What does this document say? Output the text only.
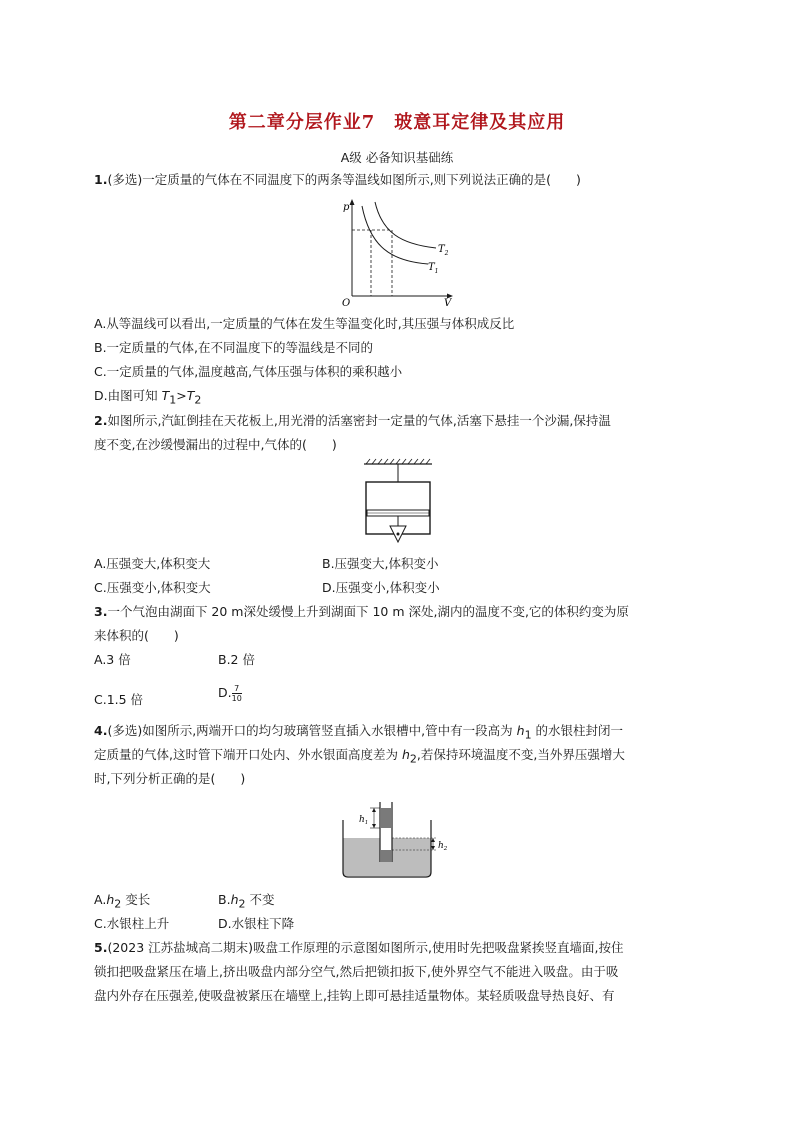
第二章分层作业7　玻意耳定律及其应用
A级 必备知识基础练
1.(多选)一定质量的气体在不同温度下的两条等温线如图所示,则下列说法正确的是(　　)
p
V
O
$T_2$
$T_1$
A.从等温线可以看出,一定质量的气体在发生等温变化时,其压强与体积成反比
B.一定质量的气体,在不同温度下的等温线是不同的
C.一定质量的气体,温度越高,气体压强与体积的乘积越小
D.由图可知 $T_1>T_2$
2.如图所示,汽缸倒挂在天花板上,用光滑的活塞密封一定量的气体,活塞下悬挂一个沙漏,保持温
度不变,在沙缓慢漏出的过程中,气体的(　　)
A.压强变大,体积变大	B.压强变大,体积变小
C.压强变小,体积变大	D.压强变小,体积变小
3.一个气泡由湖面下 20 m深处缓慢上升到湖面下 10 m 深处,湖内的温度不变,它的体积约变为原
来体积的(　　)
A.3 倍	B.2 倍
C.1.5 倍	D. $\frac{7}{10}$
4.(多选)如图所示,两端开口的均匀玻璃管竖直插入水银槽中,管中有一段高为 $h_1$ 的水银柱封闭一
定质量的气体,这时管下端开口处内、外水银面高度差为 $h_2$,若保持环境温度不变,当外界压强增大
时,下列分析正确的是(　　)
$h_1$
$h_2$
$A.h_2$ 变长	$B.h_2$ 不变
C.水银柱上升	D.水银柱下降
5.(2023 江苏盐城高二期末)吸盘工作原理的示意图如图所示,使用时先把吸盘紧挨竖直墙面,按住
锁扣把吸盘紧压在墙上,挤出吸盘内部分空气,然后把锁扣扳下,使外界空气不能进入吸盘。由于吸
盘内外存在压强差,使吸盘被紧压在墙壁上,挂钩上即可悬挂适量物体。某轻质吸盘导热良好、有
